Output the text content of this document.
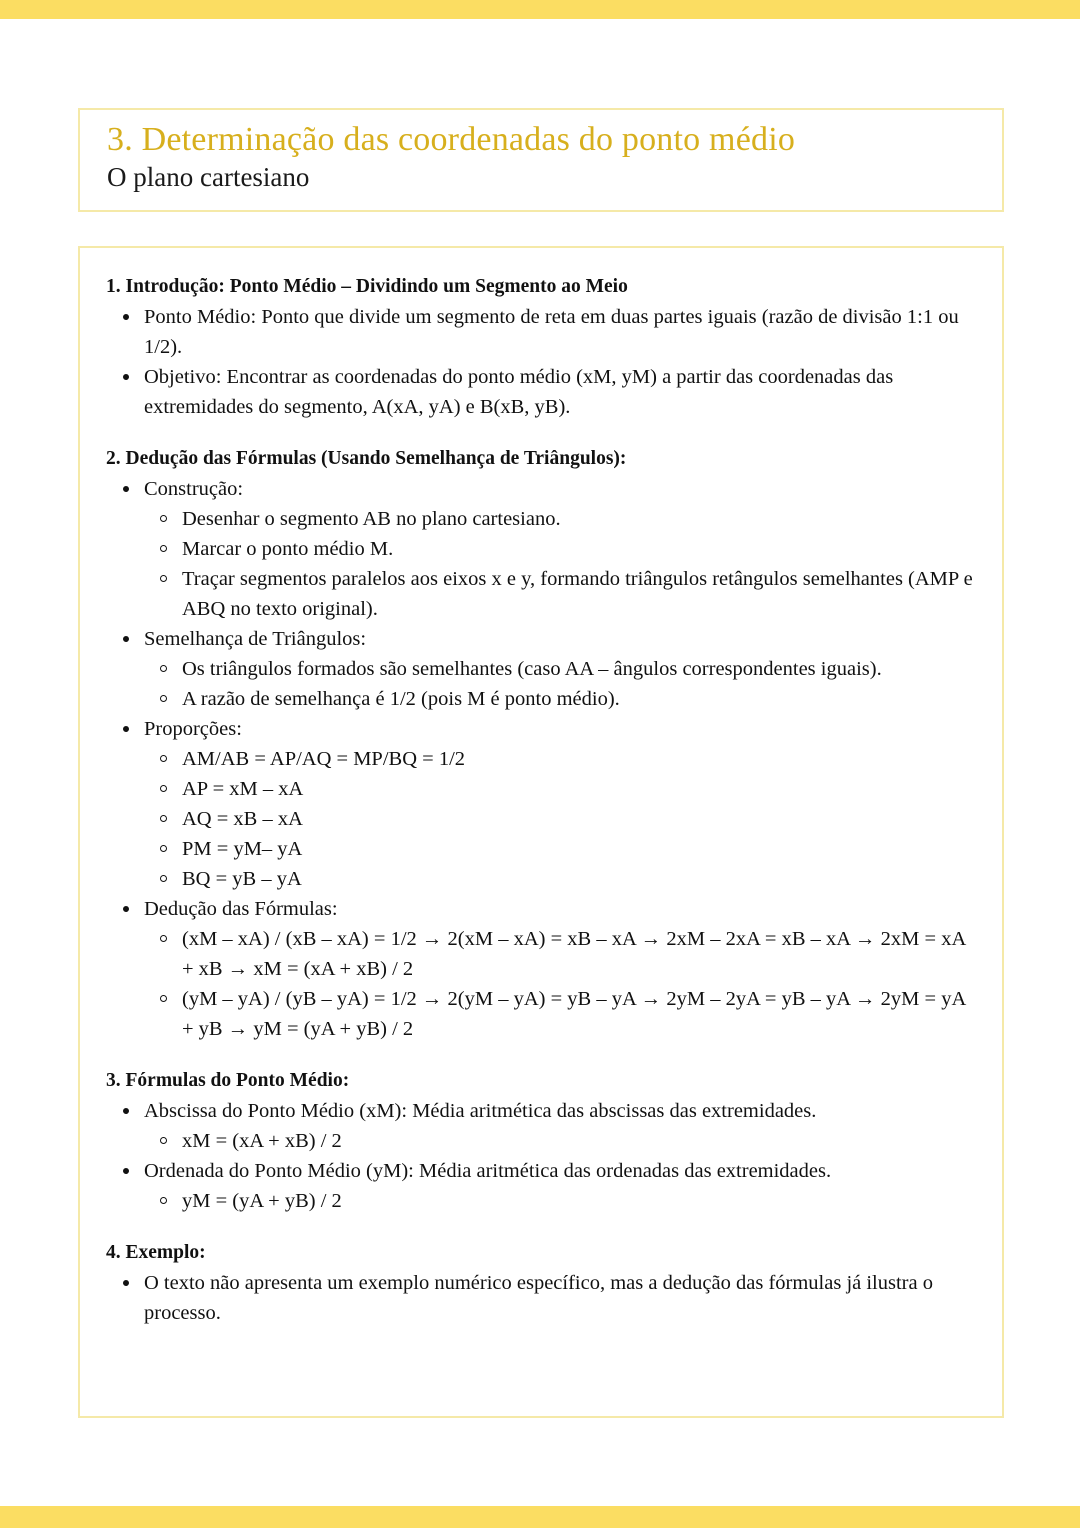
3. Determinação das coordenadas do ponto médio
O plano cartesiano
1. Introdução: Ponto Médio – Dividindo um Segmento ao Meio
Ponto Médio: Ponto que divide um segmento de reta em duas partes iguais (razão de divisão 1:1 ou 1/2).
Objetivo: Encontrar as coordenadas do ponto médio (xM, yM) a partir das coordenadas das extremidades do segmento, A(xA, yA) e B(xB, yB).
2. Dedução das Fórmulas (Usando Semelhança de Triângulos):
Construção:
Desenhar o segmento AB no plano cartesiano.
Marcar o ponto médio M.
Traçar segmentos paralelos aos eixos x e y, formando triângulos retângulos semelhantes (AMP e ABQ no texto original).
Semelhança de Triângulos:
Os triângulos formados são semelhantes (caso AA – ângulos correspondentes iguais).
A razão de semelhança é 1/2 (pois M é ponto médio).
Proporções:
AM/AB = AP/AQ = MP/BQ = 1/2
AP = xM – xA
AQ = xB – xA
PM = yM– yA
BQ = yB – yA
Dedução das Fórmulas:
(xM – xA) / (xB – xA) = 1/2 → 2(xM – xA) = xB – xA → 2xM – 2xA = xB – xA → 2xM = xA + xB → xM = (xA + xB) / 2
(yM – yA) / (yB – yA) = 1/2 → 2(yM – yA) = yB – yA → 2yM – 2yA = yB – yA → 2yM = yA + yB → yM = (yA + yB) / 2
3. Fórmulas do Ponto Médio:
Abscissa do Ponto Médio (xM): Média aritmética das abscissas das extremidades.
xM = (xA + xB) / 2
Ordenada do Ponto Médio (yM): Média aritmética das ordenadas das extremidades.
yM = (yA + yB) / 2
4. Exemplo:
O texto não apresenta um exemplo numérico específico, mas a dedução das fórmulas já ilustra o processo.
